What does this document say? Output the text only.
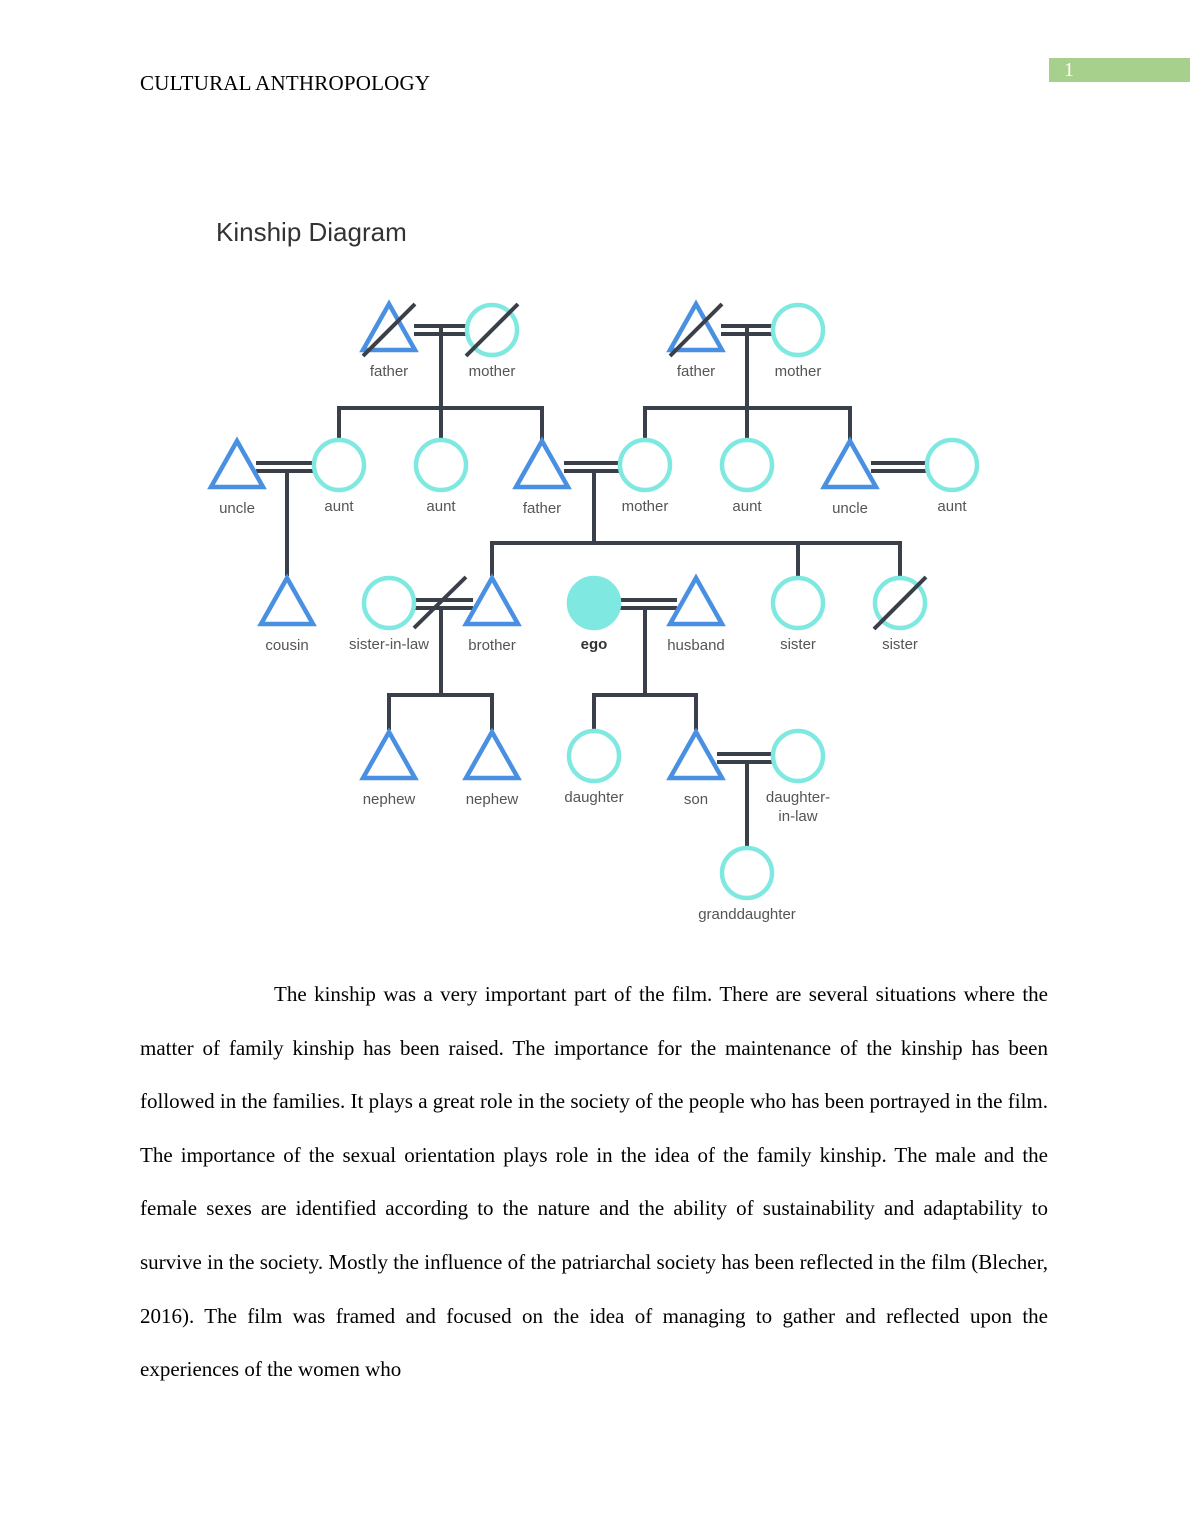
1
CULTURAL ANTHROPOLOGY
father	mother	father	mother
uncle	aunt	aunt	father	mother	aunt	uncle	aunt
cousin	sister-in-law	brother	ego	husband	sister	sister
nephew	nephew	daughter	son	daughter-
in-law
granddaughter
Kinship Diagram

The kinship was a very important part of the film. There are several situations where the matter of family kinship has been raised. The importance for the maintenance of the kinship has been followed in the families. It plays a great role in the society of the people who has been portrayed in the film. The importance of the sexual orientation plays role in the idea of the family kinship. The male and the female sexes are identified according to the nature and the ability of sustainability and adaptability to survive in the society. Mostly the influence of the patriarchal society has been reflected in the film (Blecher, 2016). The film was framed and focused on the idea of managing to gather and reflected upon the experiences of the women who
